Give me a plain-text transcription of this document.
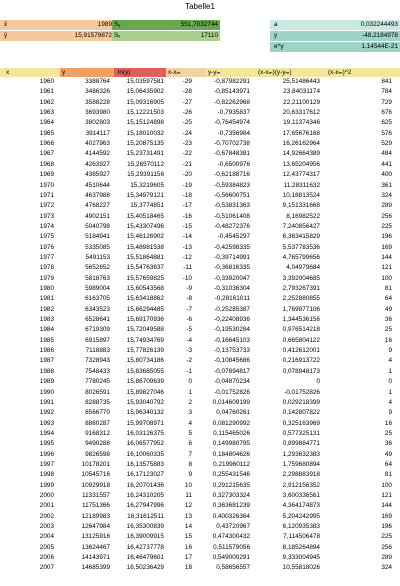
Tabelle1
x̄	1989
ȳ	15,91579872
Sᵧ	551,7032744
Sₓ	17110
a	0,032244493
y	-48,2184978
e^y	1,14544E-21
x	y	ln(y)	x-xₘ	y-yₘ	(x-xₘ)(y-yₘ)	(x-xₘ)^2
1960	3388764	15,03597581	-29	-0,87982291	25,51486443	841
1961	3486326	15,06435902	-28	-0,85143971	23,84031174	784
1962	3588228	15,09316905	-27	-0,82262968	22,21100129	729
1963	3693980	15,12221503	-26	-0,7935837	20,63317612	676
1964	3802803	15,15124898	-25	-0,76454974	19,11374346	625
1965	3914117	15,18010032	-24	-0,7356984	17,65676168	576
1966	4027963	15,20875135	-23	-0,70702738	16,26162964	529
1967	4144592	15,23731491	-22	-0,67848381	14,92664389	484
1968	4263927	15,26570112	-21	-0,6500976	13,65204956	441
1969	4385927	15,29391156	-20	-0,62188716	12,43774317	400
1970	4510644	15,3219605	-19	-0,59384823	11,28311632	361
1971	4637988	15,34979121	-18	-0,56600751	10,18813524	324
1972	4768227	15,3774851	-17	-0,53831363	9,151331668	289
1973	4902151	15,40518465	-16	-0,51061408	8,16982522	256
1974	5040798	15,43307496	-15	-0,48272376	7,240856427	225
1975	5184941	15,46126902	-14	-0,4545297	6,363415829	196
1976	5335085	15,48981538	-13	-0,42598335	5,537783536	169
1977	5491153	15,51864881	-12	-0,39714991	4,765799656	144
1978	5652652	15,54763637	-11	-0,36816335	4,04979684	121
1979	5818763	15,57659825	-10	-0,33920047	3,392004685	100
1980	5989004	15,60543568	-9	-0,31036304	2,793267391	81
1981	6163705	15,63418862	-8	-0,28161011	2,252880855	64
1982	6343523	15,66294485	-7	-0,25285387	1,769977106	49
1983	6528641	15,69170936	-6	-0,22408936	1,344536156	36
1984	6719309	15,72049588	-5	-0,19530284	0,976514218	25
1985	6915897	15,74934769	-4	-0,16645103	0,665804122	16
1986	7118883	15,77826139	-3	-0,13753733	0,412612001	9
1987	7328943	15,80734186	-2	-0,10845686	0,216913722	4
1988	7548433	15,83685055	-1	-0,07894817	0,078948173	1
1989	7780245	15,86709639	0	-0,04870234	0	0
1990	8026591	15,89827046	1	-0,01752826	-0,01752826	1
1991	8288735	15,93040792	2	0,014609199	0,029218399	4
1992	8566770	15,96340132	3	0,04760261	0,142807822	9
1993	8860287	15,99708971	4	0,081290992	0,325163969	16
1994	9168312	16,03126375	5	0,115465026	0,577325131	25
1995	9490288	16,06577952	6	0,149980795	0,899884771	36
1996	9826598	16,10060335	7	0,184804626	1,293632383	49
1997	10178201	16,13575883	8	0,219960112	1,759680894	64
1998	10545716	16,17123027	9	0,255431546	2,298883918	81
1999	10929918	16,20701436	10	0,291215635	2,912156352	100
2000	11331557	16,24310205	11	0,327303324	3,600336561	121
2001	11751366	16,27947996	12	0,363681239	4,364174873	144
2002	12189983	16,31612511	13	0,400326364	5,204242995	169
2003	12647984	16,35300839	14	0,43720967	6,120935383	196
2004	13125916	16,39009915	15	0,474300432	7,114506478	225
2005	13624467	16,42737778	16	0,511579056	8,185264894	256
2006	14143971	16,46479601	17	0,549000291	9,333004945	289
2007	14685399	16,50236429	18	0,58656557	10,55818026	324
